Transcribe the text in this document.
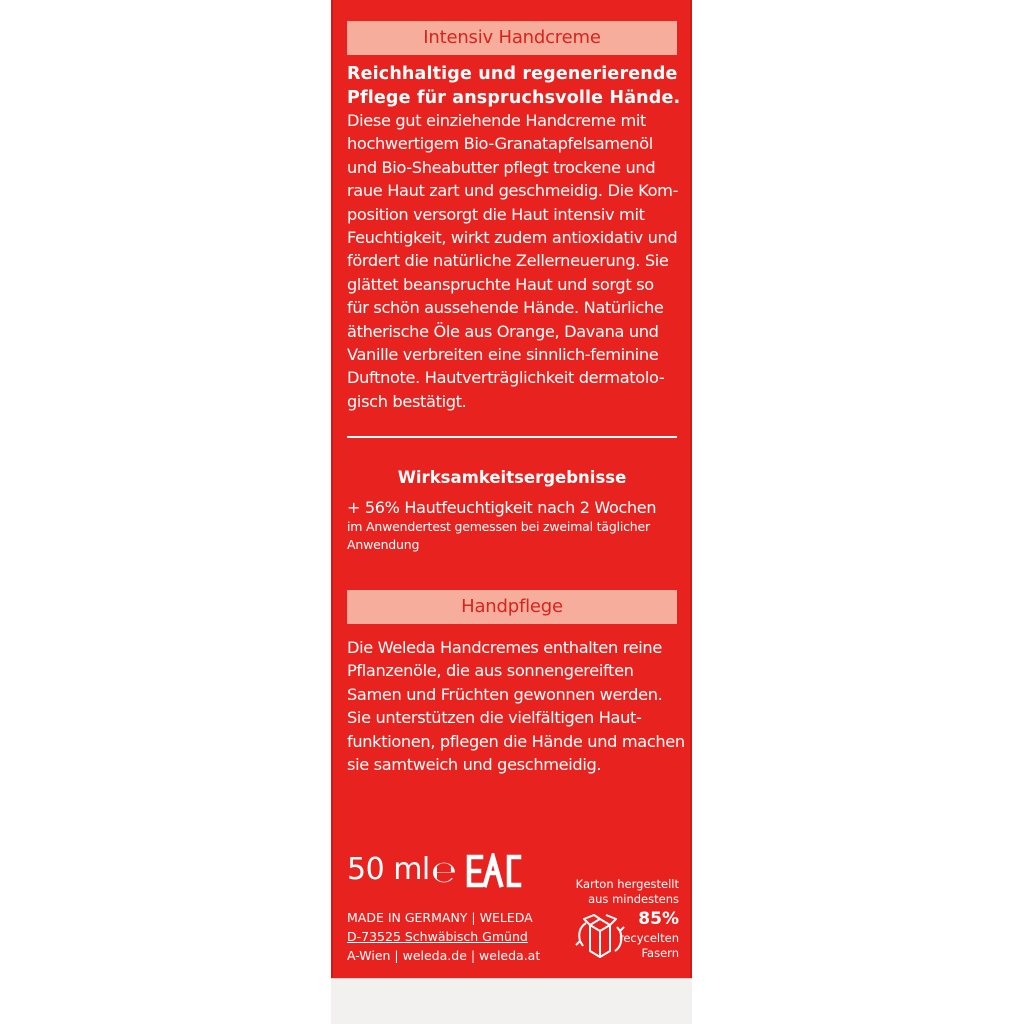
Intensiv Handcreme
Reichhaltige und regenerierende
Pflege für anspruchsvolle Hände.
Diese gut einziehende Handcreme mit
hochwertigem Bio-Granatapfelsamenöl
und Bio-Sheabutter pflegt trockene und
raue Haut zart und geschmeidig. Die Kom-
position versorgt die Haut intensiv mit
Feuchtigkeit, wirkt zudem antioxidativ und
fördert die natürliche Zellerneuerung. Sie
glättet beanspruchte Haut und sorgt so
für schön aussehende Hände. Natürliche
ätherische Öle aus Orange, Davana und
Vanille verbreiten eine sinnlich-feminine
Duftnote. Hautverträglichkeit dermatolo-
gisch bestätigt.
Wirksamkeitsergebnisse
+ 56% Hautfeuchtigkeit nach 2 Wochen
im Anwendertest gemessen bei zweimal täglicher
Anwendung
Handpflege
Die Weleda Handcremes enthalten reine
Pflanzenöle, die aus sonnengereiften
Samen und Früchten gewonnen werden.
Sie unterstützen die vielfältigen Haut-
funktionen, pflegen die Hände und machen
sie samtweich und geschmeidig.
50 ml ℮
MADE IN GERMANY | WELEDA
D-73525 Schwäbisch Gmünd
A-Wien | weleda.de | weleda.at
Karton hergestellt
aus mindestens
85%
recycelten
Fasern
